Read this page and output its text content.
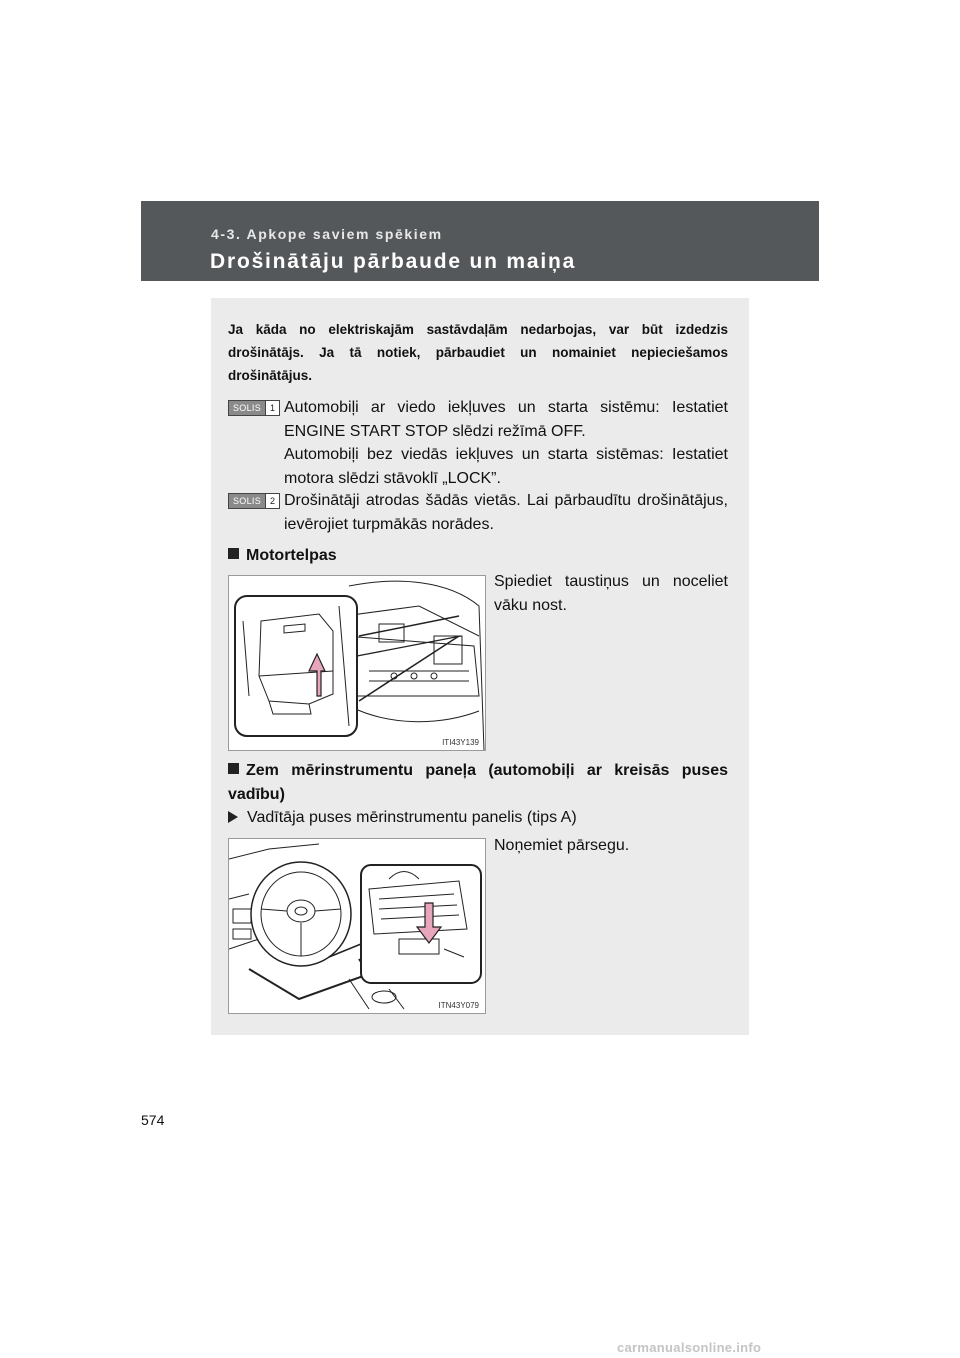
4-3. Apkope saviem spēkiem
Drošinātāju pārbaude un maiņa
Ja kāda no elektriskajām sastāvdaļām nedarbojas, var būt izdedzis drošinātājs. Ja tā notiek, pārbaudiet un nomainiet nepieciešamos drošinātājus.
SOLIS 1 Automobiļi ar viedo iekļuves un starta sistēmu: Iestatiet ENGINE START STOP slēdzi režīmā OFF.
Automobiļi bez viedās iekļuves un starta sistēmas: Iestatiet motora slēdzi stāvoklī „LOCK”.
SOLIS 2 Drošinātāji atrodas šādās vietās. Lai pārbaudītu drošinātājus, ievērojiet turpmākās norādes.
Motortelpas
Spiediet taustiņus un noceliet vāku nost.
ITI43Y139
Zem mērinstrumentu paneļa (automobiļi ar kreisās puses vadību)
Vadītāja puses mērinstrumentu panelis (tips A)
Noņemiet pārsegu.
ITN43Y079
574
carmanualsonline.info
